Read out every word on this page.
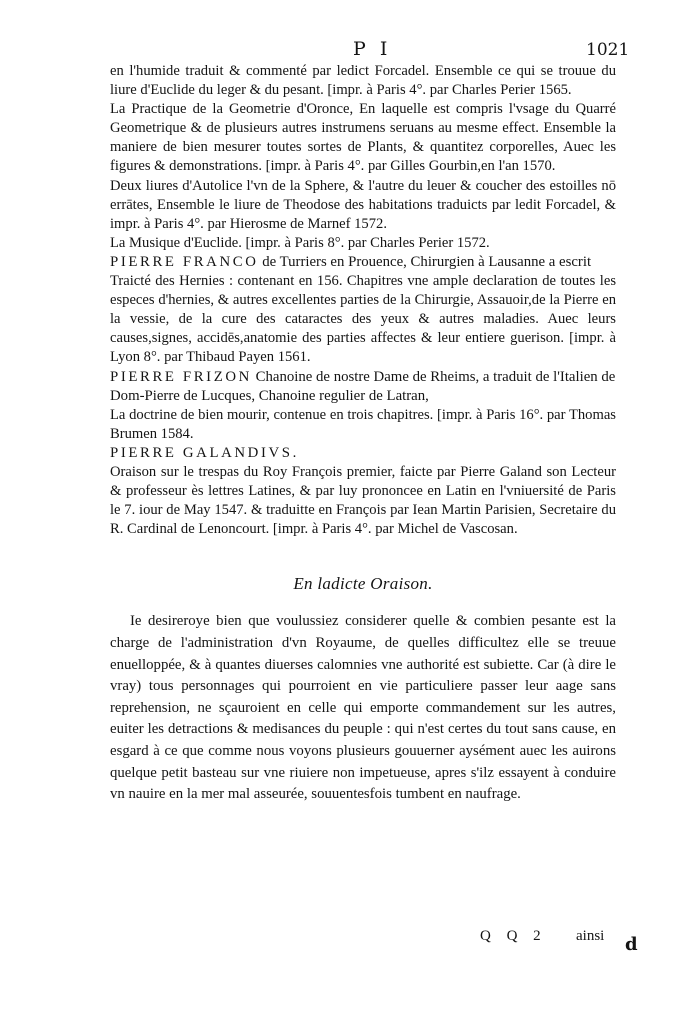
P I	1021

en l'humide traduit & commenté par ledict Forcadel. Ensemble ce qui se trouue du liure d'Euclide du leger & du pesant. [impr. à Paris 4°. par Charles Perier 1565.

La Practique de la Geometrie d'Oronce, En laquelle est compris l'vsage du Quarré Geometrique & de plusieurs autres instrumens seruans au mesme effect. Ensemble la maniere de bien mesurer toutes sortes de Plants, & quantitez corporelles, Auec les figures & demonstrations. [impr. à Paris 4°. par Gilles Gourbin,en l'an 1570.

Deux liures d'Autolice l'vn de la Sphere, & l'autre du leuer & coucher des estoilles nō errātes, Ensemble le liure de Theodose des habitations traduicts par ledit Forcadel, & impr. à Paris 4°. par Hierosme de Marnef 1572.

La Musique d'Euclide. [impr. à Paris 8°. par Charles Perier 1572.

PIERRE FRANCO de Turriers en Prouence, Chirurgien à Lausanne a escrit

Traicté des Hernies : contenant en 156. Chapitres vne ample declaration de toutes les especes d'hernies, & autres excellentes parties de la Chirurgie, Assauoir,de la Pierre en la vessie, de la cure des cataractes des yeux & autres maladies. Auec leurs causes,signes, accidēs,anatomie des parties affectes & leur entiere guerison. [impr. à Lyon 8°. par Thibaud Payen 1561.

PIERRE FRIZON Chanoine de nostre Dame de Rheims, a traduit de l'Italien de Dom-Pierre de Lucques, Chanoine regulier de Latran,

La doctrine de bien mourir, contenue en trois chapitres. [impr. à Paris 16°. par Thomas Brumen 1584.

PIERRE GALANDIVS.

Oraison sur le trespas du Roy François premier, faicte par Pierre Galand son Lecteur & professeur ès lettres Latines, & par luy prononcee en Latin en l'vniuersité de Paris le 7. iour de May 1547. & traduitte en François par Iean Martin Parisien, Secretaire du R. Cardinal de Lenoncourt. [impr. à Paris 4°. par Michel de Vascosan.

En ladicte Oraison.

Ie desireroye bien que voulussiez considerer quelle & combien pesante est la charge de l'administration d'vn Royaume, de quelles difficultez elle se treuue enuelloppée, & à quantes diuerses calomnies vne authorité est subiette. Car (à dire le vray) tous personnages qui pourroient en vie particuliere passer leur aage sans reprehension, ne sçauroient en celle qui emporte commandement sur les autres, euiter les detractions & medisances du peuple : qui n'est certes du tout sans cause, en esgard à ce que comme nous voyons plusieurs gouuerner aysément auec les auirons quelque petit basteau sur vne riuiere non impetueuse, apres s'ilz essayent à conduire vn nauire en la mer mal asseurée, souuentesfois tumbent en naufrage.

Q Q 2 ainsi d
